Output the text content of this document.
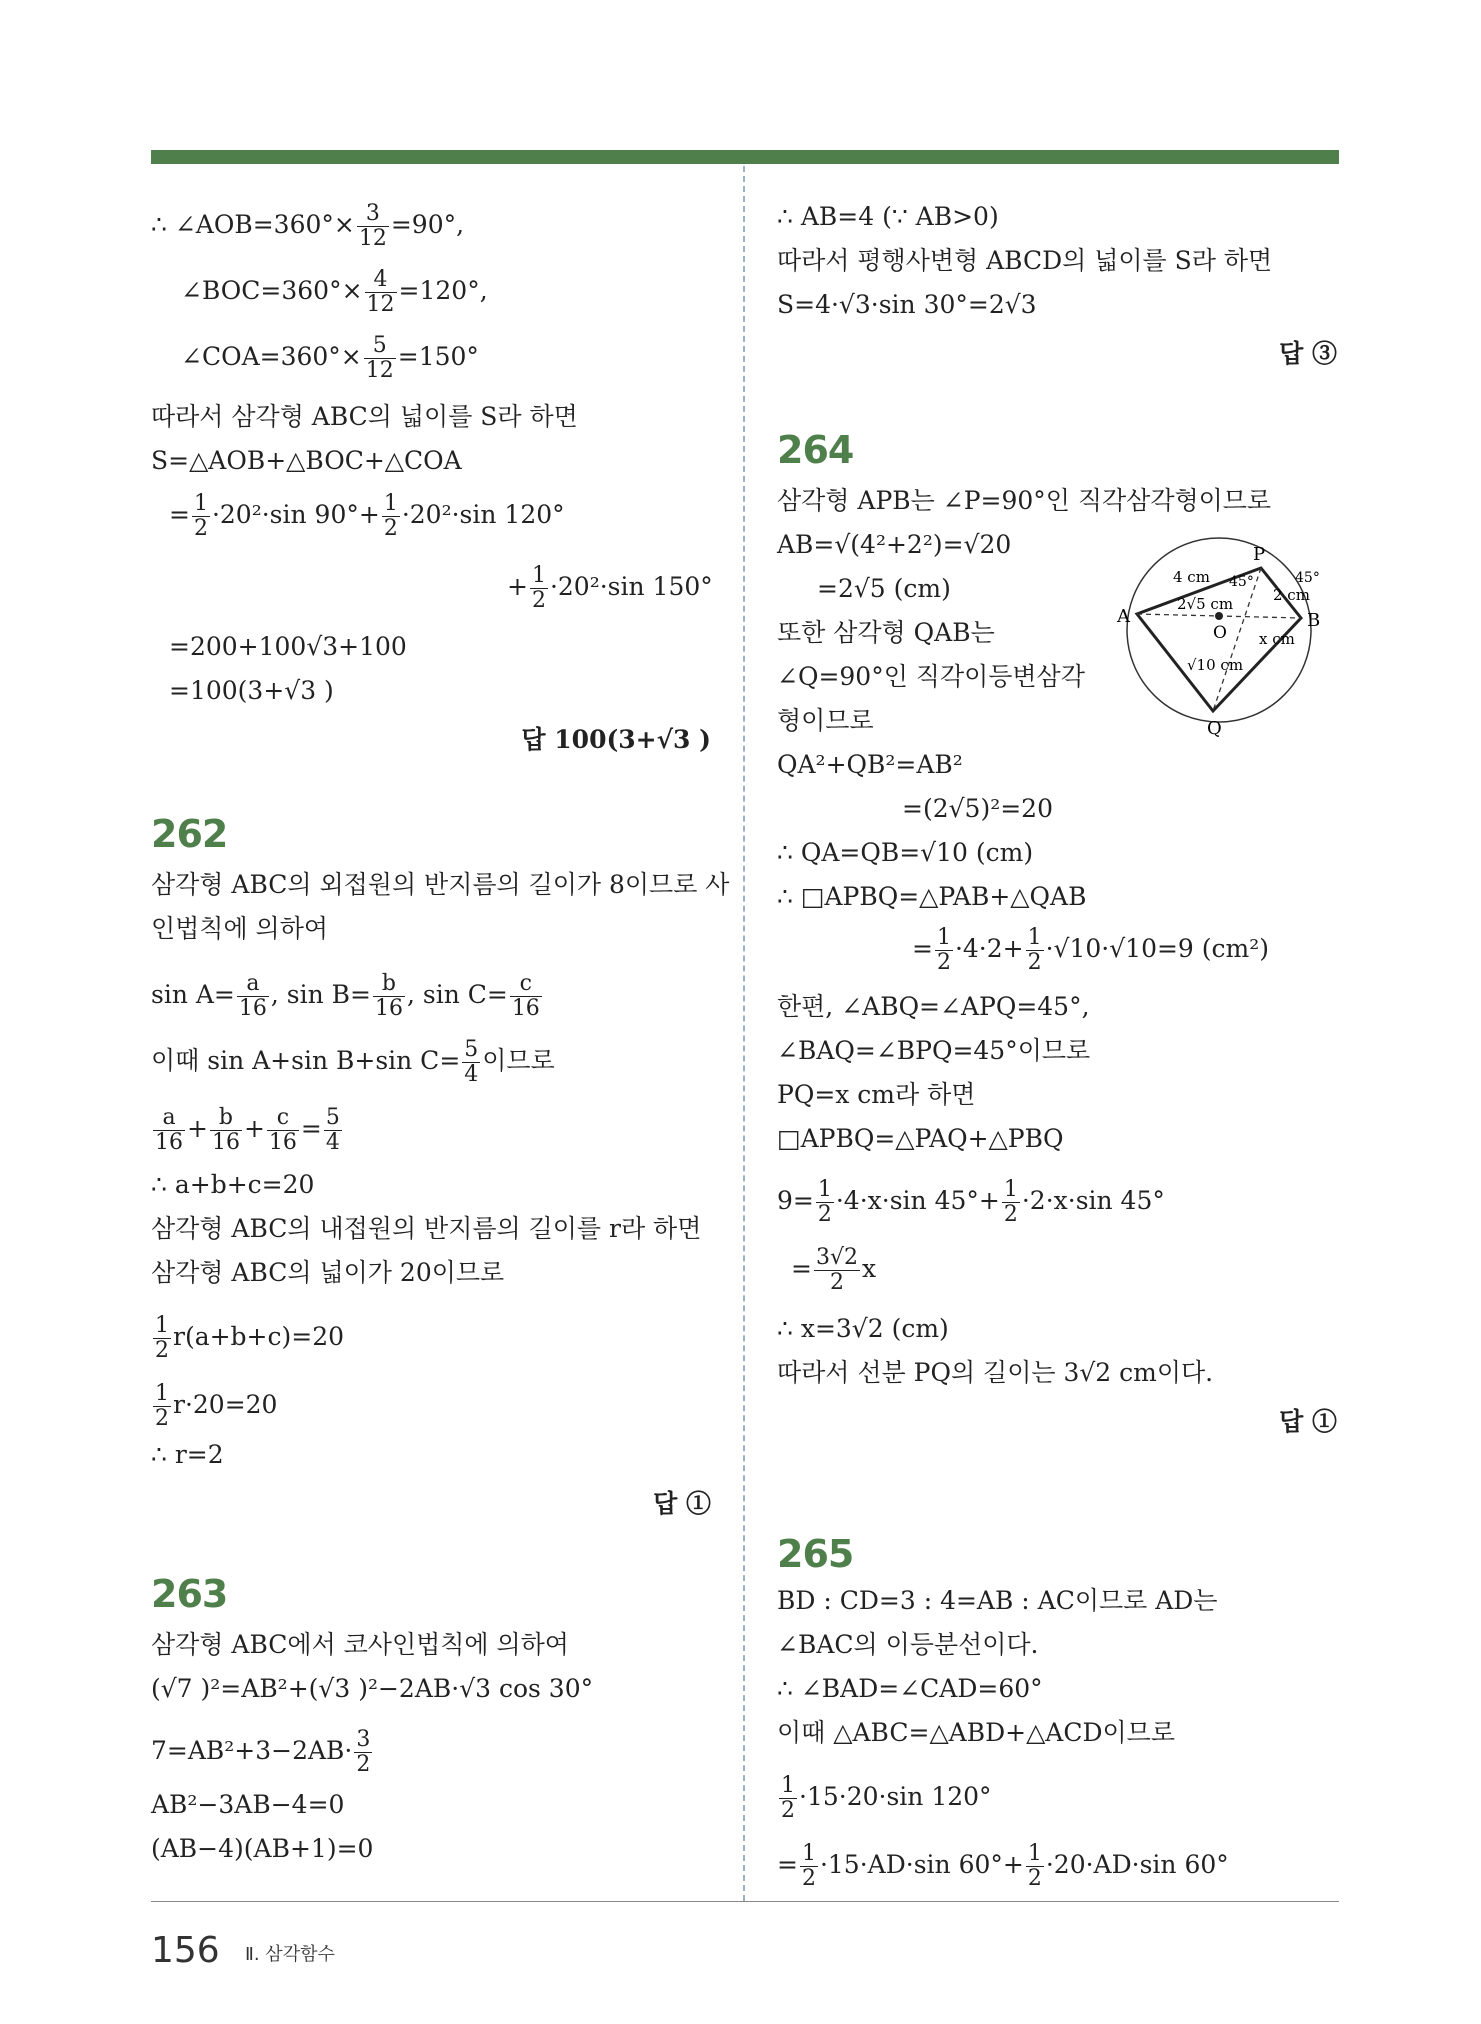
∴ ∠AOB=360°× $\frac{3}{12} =90^\circ$,
∠BOC=360°× $\frac{4}{12} =120^\circ$,
∠COA=360°× $\frac{5}{12} =150^\circ$
따라서 삼각형 ABC의 넓이를 S라 하면
S=△AOB+△BOC+△COA
= $\frac{1}{2} \cdot 20^2\cdot\sin$ $90^\circ+ \frac{1}{2} \cdot 20^2\cdot\sin$ 120°
+ $\frac{1}{2} \cdot 20^2\cdot\sin$ 150°
=200+100√3+100
=100(3+√3 )
답 100(3+√3 )
262
삼각형 ABC의 외접원의 반지름의 길이가 8이므로 사
인법칙에 의하여
$\sin A= \frac{a}{16}$ , $\sin B= \frac{b}{16}$ , $\sin C= \frac{c}{16}$
이때 sin A+sin B+sin $C= \frac{5}{4}$ 이므로
$\frac{a}{16} + \frac{b}{16} + \frac{c}{16} = \frac{5}{4}$
∴ a+b+c=20
삼각형 ABC의 내접원의 반지름의 길이를 r라 하면
삼각형 ABC의 넓이가 20이므로
$\frac{1}{2} r(a+b+c)=20$
$\frac{1}{2} r\cdot 20=20$
∴ r=2
답 ①
263
삼각형 ABC에서 코사인법칙에 의하여
(√7 )²=AB²+(√3 )²−2AB·√3 cos 30°
$7=AB^2+3-2AB\cdot \frac{3}{2}$
AB²−3AB−4=0
(AB−4)(AB+1)=0
∴ AB=4 (∵ AB>0)
따라서 평행사변형 ABCD의 넓이를 S라 하면
S=4·√3·sin 30°=2√3
답 ③
264
삼각형 APB는 ∠P=90°인 직각삼각형이므로
AB=√(4²+2²)=√20
=2√5 (cm)
또한 삼각형 QAB는
∠Q=90°인 직각이등변삼각
형이므로
QA²+QB²=AB²
=(2√5)²=20
∴ QA=QB=√10 (cm)
∴ □APBQ=△PAB+△QAB
= $\frac{1}{2} \cdot 4\cdot 2+ \frac{1}{2} \cdot√10\cdot√10=9$ (cm²)
한편, ∠ABQ=∠APQ=45°,
∠BAQ=∠BPQ=45°이므로
PQ=x cm라 하면
□APBQ=△PAQ+△PBQ
$9= \frac{1}{2} \cdot 4\cdot x\cdot\sin$ $45^\circ+ \frac{1}{2} \cdot 2\cdot x\cdot\sin$ 45°
= $\frac{3√2}{2}$ x
∴ x=3√2 (cm)
따라서 선분 PQ의 길이는 3√2 cm이다.
답 ①
P
A	B
Q
O
4 cm
2 cm
2√5 cm
√10 cm
x cm
45°	45°
265
BD : CD=3 : 4=AB : AC이므로 AD는
∠BAC의 이등분선이다.
∴ ∠BAD=∠CAD=60°
이때 △ABC=△ABD+△ACD이므로
$\frac{1}{2} \cdot 15\cdot 20\cdot\sin$ 120°
= $\frac{1}{2} \cdot 15\cdot AD\cdot\sin$ $60^\circ+ \frac{1}{2} \cdot 20\cdot AD\cdot\sin$ 60°
156 Ⅱ. 삼각함수
